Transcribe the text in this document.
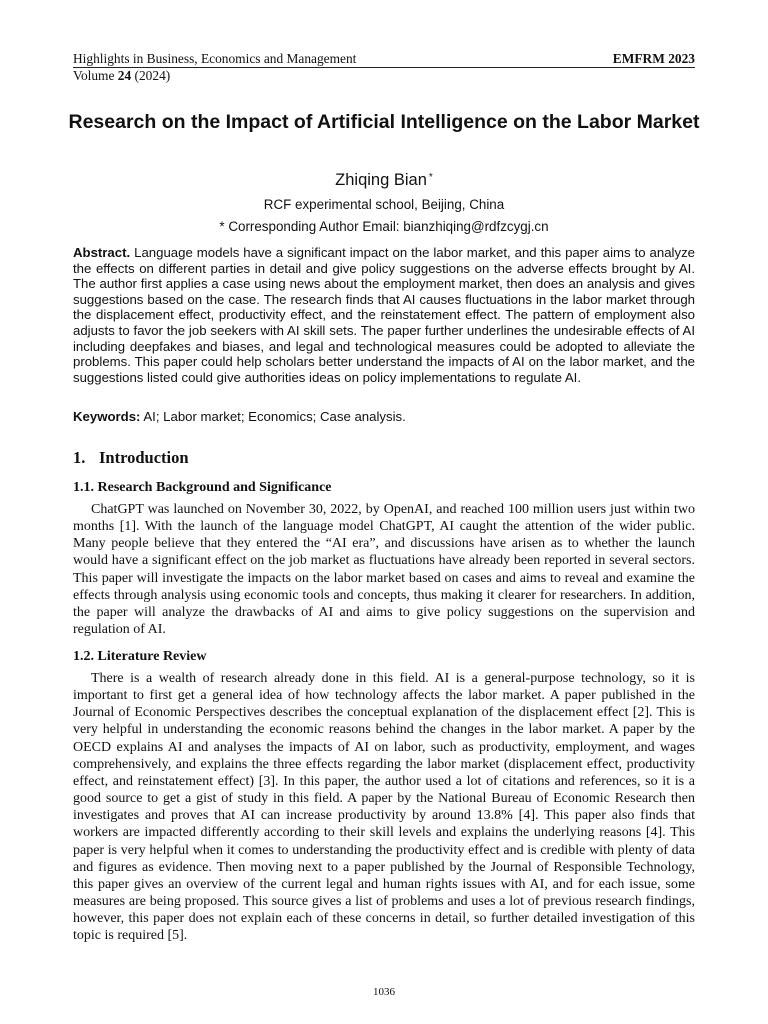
Highlights in Business, Economics and Management	EMFRM 2023
Volume 24 (2024)
Research on the Impact of Artificial Intelligence on the Labor Market
Zhiqing Bian *
RCF experimental school, Beijing, China
* Corresponding Author Email: bianzhiqing@rdfzcygj.cn

Abstract. Language models have a significant impact on the labor market, and this paper aims to analyze the effects on different parties in detail and give policy suggestions on the adverse effects brought by AI. The author first applies a case using news about the employment market, then does an analysis and gives suggestions based on the case. The research finds that AI causes fluctuations in the labor market through the displacement effect, productivity effect, and the reinstatement effect. The pattern of employment also adjusts to favor the job seekers with AI skill sets. The paper further underlines the undesirable effects of AI including deepfakes and biases, and legal and technological measures could be adopted to alleviate the problems. This paper could help scholars better understand the impacts of AI on the labor market, and the suggestions listed could give authorities ideas on policy implementations to regulate AI.

Keywords: AI; Labor market; Economics; Case analysis.

1. Introduction
1.1. Research Background and Significance

ChatGPT was launched on November 30, 2022, by OpenAI, and reached 100 million users just within two months [1]. With the launch of the language model ChatGPT, AI caught the attention of the wider public. Many people believe that they entered the “AI era”, and discussions have arisen as to whether the launch would have a significant effect on the job market as fluctuations have already been reported in several sectors. This paper will investigate the impacts on the labor market based on cases and aims to reveal and examine the effects through analysis using economic tools and concepts, thus making it clearer for researchers. In addition, the paper will analyze the drawbacks of AI and aims to give policy suggestions on the supervision and regulation of AI.

1.2. Literature Review

There is a wealth of research already done in this field. AI is a general-purpose technology, so it is important to first get a general idea of how technology affects the labor market. A paper published in the Journal of Economic Perspectives describes the conceptual explanation of the displacement effect [2]. This is very helpful in understanding the economic reasons behind the changes in the labor market. A paper by the OECD explains AI and analyses the impacts of AI on labor, such as productivity, employment, and wages comprehensively, and explains the three effects regarding the labor market (displacement effect, productivity effect, and reinstatement effect) [3]. In this paper, the author used a lot of citations and references, so it is a good source to get a gist of study in this field. A paper by the National Bureau of Economic Research then investigates and proves that AI can increase productivity by around 13.8% [4]. This paper also finds that workers are impacted differently according to their skill levels and explains the underlying reasons [4]. This paper is very helpful when it comes to understanding the productivity effect and is credible with plenty of data and figures as evidence. Then moving next to a paper published by the Journal of Responsible Technology, this paper gives an overview of the current legal and human rights issues with AI, and for each issue, some measures are being proposed. This source gives a list of problems and uses a lot of previous research findings, however, this paper does not explain each of these concerns in detail, so further detailed investigation of this topic is required [5].

1036
